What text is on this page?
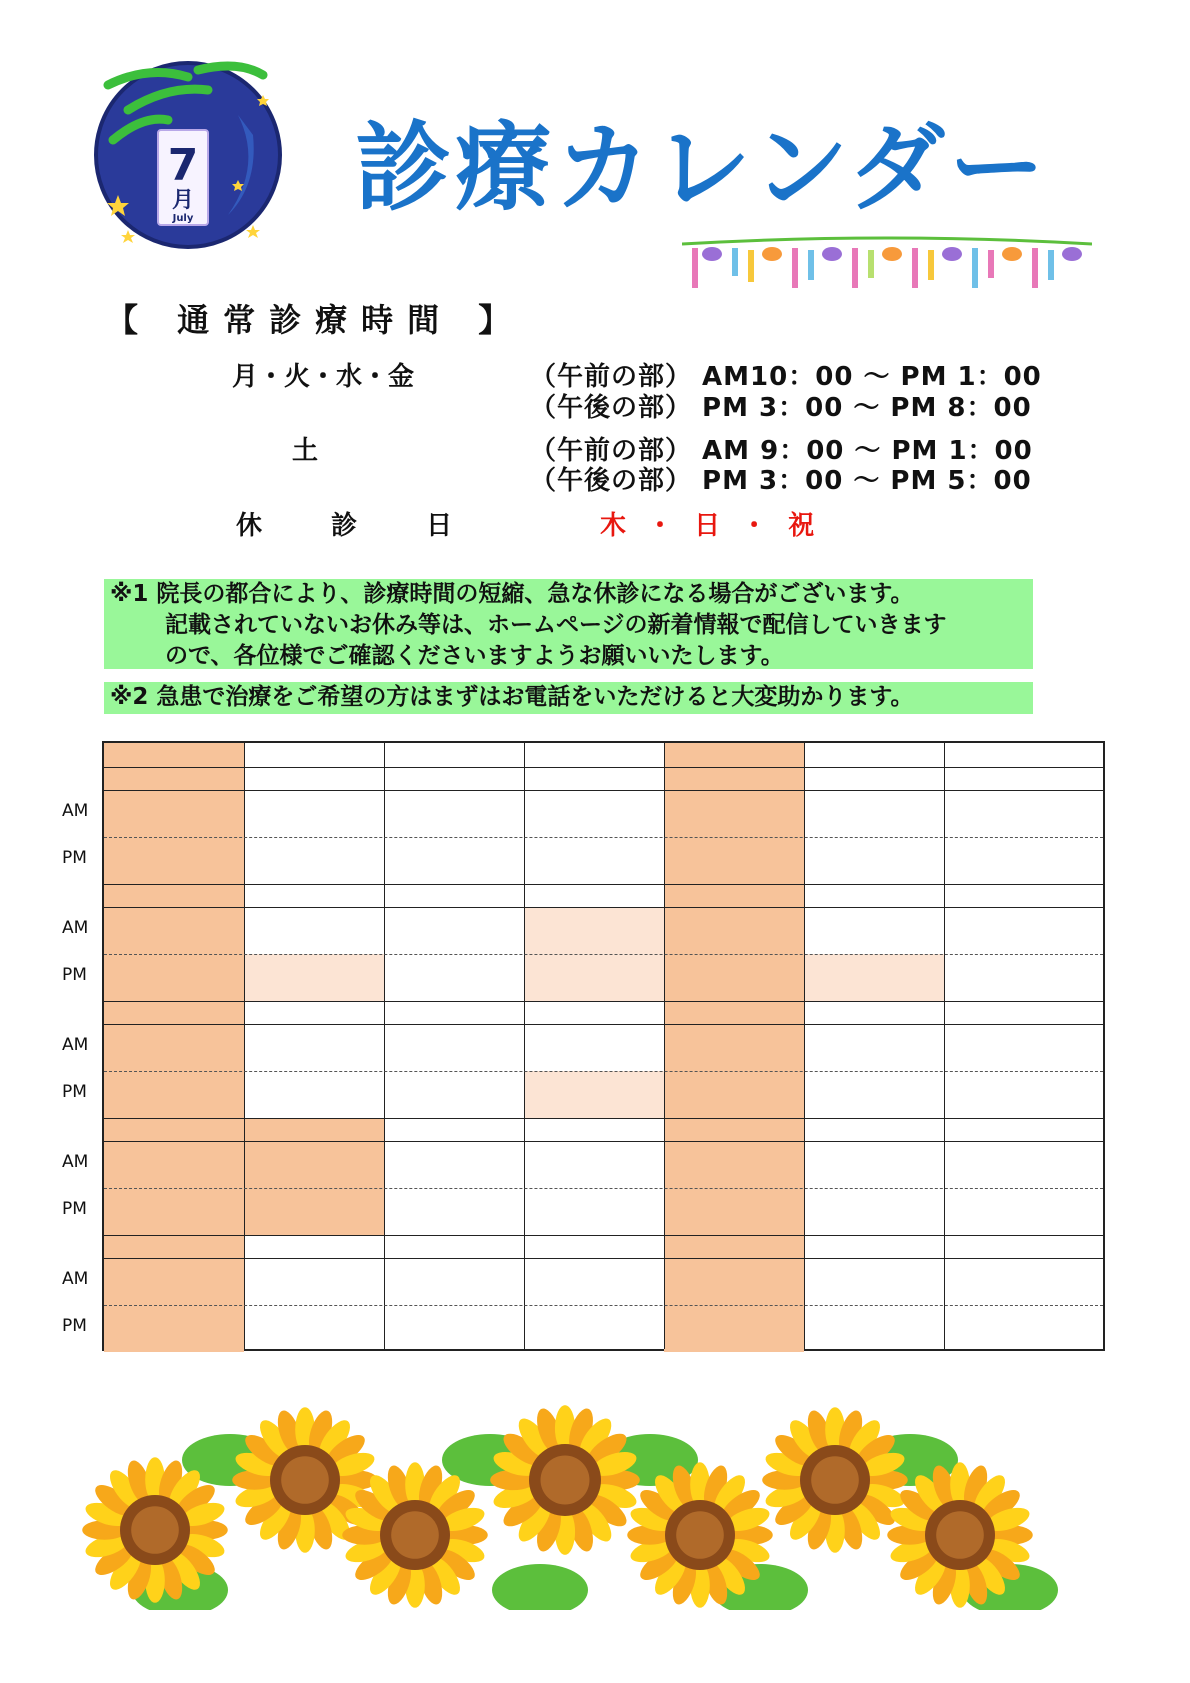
7
月
July 診療カレンダー
【 通常診療時間 】
月・火・水・金	（午前の部） AM10：00 〜 PM 1：00
（午後の部） PM 3：00 〜 PM 8：00
土	（午前の部） AM 9：00 〜 PM 1：00
（午後の部） PM 3：00 〜 PM 5：00
休 診 日	木 ・ 日 ・ 祝
※1 院長の都合により、診療時間の短縮、急な休診になる場合がございます。
記載されていないお休み等は、ホームページの新着情報で配信していきます
ので、各位様でご確認くださいますようお願いいたします。
※2 急患で治療をご希望の方はまずはお電話をいただけると大変助かります。
AM
PM
AM
PM
AM
PM
AM
PM
AM
PM
